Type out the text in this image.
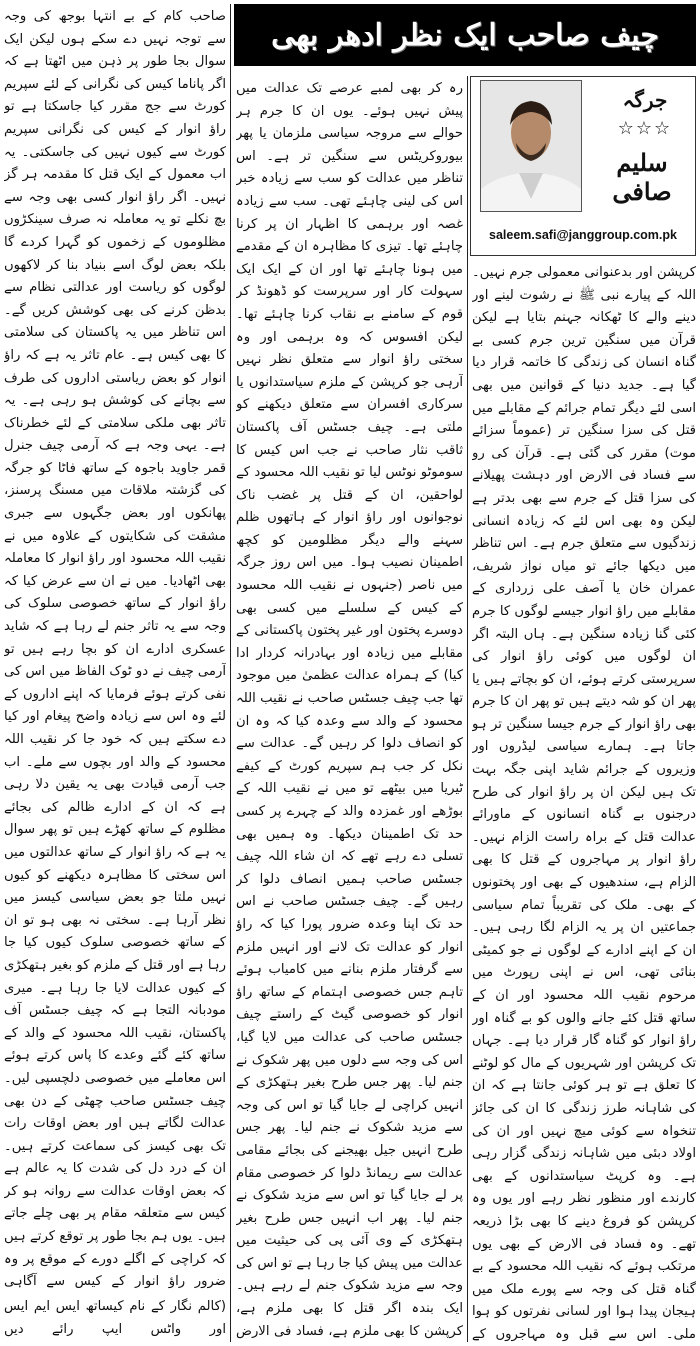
چیف صاحب ایک نظر ادھر بھی
جرگہ
☆☆☆
سلیم صافی
saleem.safi@janggroup.com.pk

کرپشن اور بدعنوانی معمولی جرم نہیں۔ اللہ کے پیارے نبی ﷺ نے رشوت لینے اور دینے والے کا ٹھکانہ جہنم بتایا ہے لیکن قرآن میں سنگین ترین جرم کسی بے گناہ انسان کی زندگی کا خاتمہ قرار دیا گیا ہے۔ جدید دنیا کے قوانین میں بھی اسی لئے دیگر تمام جرائم کے مقابلے میں قتل کی سزا سنگین تر (عموماً سزائے موت) مقرر کی گئی ہے۔ قرآن کی رو سے فساد فی الارض اور دہشت پھیلانے کی سزا قتل کے جرم سے بھی بدتر ہے لیکن وہ بھی اس لئے کہ زیادہ انسانی زندگیوں سے متعلق جرم ہے۔ اس تناظر میں دیکھا جائے تو میاں نواز شریف، عمران خان یا آصف علی زرداری کے مقابلے میں راؤ انوار جیسے لوگوں کا جرم کئی گنا زیادہ سنگین ہے۔ ہاں البتہ اگر ان لوگوں میں کوئی راؤ انوار کی سرپرستی کرتے ہوئے، ان کو بچاتے ہیں یا پھر ان کو شہ دیتے ہیں تو پھر ان کا جرم بھی راؤ انوار کے جرم جیسا سنگین تر ہو جاتا ہے۔ ہمارے سیاسی لیڈروں اور وزیروں کے جرائم شاید اپنی جگہ بہت تک ہیں لیکن ان پر راؤ انوار کی طرح درجنوں بے گناہ انسانوں کے ماورائے عدالت قتل کے براہ راست الزام نہیں۔ راؤ انوار پر مہاجروں کے قتل کا بھی الزام ہے، سندھیوں کے بھی اور پختونوں کے بھی۔ ملک کی تقریباً تمام سیاسی جماعتیں ان پر یہ الزام لگا رہی ہیں۔ ان کے اپنے ادارے کے لوگوں نے جو کمیٹی بنائی تھی، اس نے اپنی رپورٹ میں مرحوم نقیب اللہ محسود اور ان کے ساتھ قتل کئے جانے والوں کو بے گناہ اور راؤ انوار کو گناہ گار قرار دیا ہے۔ جہاں تک کرپشن اور شہریوں کے مال کو لوٹنے کا تعلق ہے تو ہر کوئی جانتا ہے کہ ان کی شاہانہ طرز زندگی کا ان کی جائز تنخواہ سے کوئی میچ نہیں اور ان کی اولاد دبئی میں شاہانہ زندگی گزار رہی ہے۔ وہ کرپٹ سیاستدانوں کے بھی کارندے اور منظور نظر رہے اور یوں وہ کرپشن کو فروغ دینے کا بھی بڑا ذریعہ تھے۔ وہ فساد فی الارض کے بھی یوں مرتکب ہوئے کہ نقیب اللہ محسود کے بے گناہ قتل کی وجہ سے پورے ملک میں ہیجان پیدا ہوا اور لسانی نفرتوں کو ہوا ملی۔ اس سے قبل وہ مہاجروں کے

رہ کر بھی لمبے عرصے تک عدالت میں پیش نہیں ہوئے۔ یوں ان کا جرم ہر حوالے سے مروجہ سیاسی ملزمان یا پھر بیوروکریٹس سے سنگین تر ہے۔ اس تناظر میں عدالت کو سب سے زیادہ خبر اس کی لینی چاہئے تھی۔ سب سے زیادہ غصہ اور برہمی کا اظہار ان پر کرنا چاہئے تھا۔ تیزی کا مظاہرہ ان کے مقدمے میں ہونا چاہئے تھا اور ان کے ایک ایک سہولت کار اور سرپرست کو ڈھونڈ کر قوم کے سامنے بے نقاب کرنا چاہئے تھا۔ لیکن افسوس کہ وہ برہمی اور وہ سختی راؤ انوار سے متعلق نظر نہیں آرہی جو کرپشن کے ملزم سیاستدانوں یا سرکاری افسران سے متعلق دیکھنے کو ملتی ہے۔ چیف جسٹس آف پاکستان ثاقب نثار صاحب نے جب اس کیس کا سوموٹو نوٹس لیا تو نقیب اللہ محسود کے لواحقین، ان کے قتل پر غضب ناک نوجوانوں اور راؤ انوار کے ہاتھوں ظلم سہنے والے دیگر مظلومین کو کچھ اطمینان نصیب ہوا۔ میں اس روز جرگہ میں ناصر (جنہوں نے نقیب اللہ محسود کے کیس کے سلسلے میں کسی بھی دوسرے پختون اور غیر پختون پاکستانی کے مقابلے میں زیادہ اور بہادرانہ کردار ادا کیا) کے ہمراہ عدالت عظمیٰ میں موجود تھا جب چیف جسٹس صاحب نے نقیب اللہ محسود کے والد سے وعدہ کیا کہ وہ ان کو انصاف دلوا کر رہیں گے۔ عدالت سے نکل کر جب ہم سپریم کورٹ کے کیفے ٹیریا میں بیٹھے تو میں نے نقیب اللہ کے بوڑھے اور غمزدہ والد کے چہرے پر کسی حد تک اطمینان دیکھا۔ وہ ہمیں بھی تسلی دے رہے تھے کہ ان شاء اللہ چیف جسٹس صاحب ہمیں انصاف دلوا کر رہیں گے۔ چیف جسٹس صاحب نے اس حد تک اپنا وعدہ ضرور پورا کیا کہ راؤ انوار کو عدالت تک لانے اور انہیں ملزم سے گرفتار ملزم بنانے میں کامیاب ہوئے تاہم جس خصوصی اہتمام کے ساتھ راؤ انوار کو خصوصی گیٹ کے راستے چیف جسٹس صاحب کی عدالت میں لایا گیا، اس کی وجہ سے دلوں میں پھر شکوک نے جنم لیا۔ پھر جس طرح بغیر ہتھکڑی کے انہیں کراچی لے جایا گیا تو اس کی وجہ سے مزید شکوک نے جنم لیا۔ پھر جس طرح انہیں جیل بھیجنے کی بجائے مقامی عدالت سے ریمانڈ دلوا کر خصوصی مقام پر لے جایا گیا تو اس سے مزید شکوک نے جنم لیا۔ پھر اب انہیں جس طرح بغیر ہتھکڑی کے وی آئی پی کی حیثیت میں عدالت میں پیش کیا جا رہا ہے تو اس کی وجہ سے مزید شکوک جنم لے رہے ہیں۔ ایک بندہ اگر قتل کا بھی ملزم ہے، کرپشن کا بھی ملزم ہے، فساد فی الارض

صاحب کام کے بے انتہا بوجھ کی وجہ سے توجہ نہیں دے سکے ہوں لیکن ایک سوال بجا طور پر ذہن میں اٹھتا ہے کہ اگر پاناما کیس کی نگرانی کے لئے سپریم کورٹ سے جج مقرر کیا جاسکتا ہے تو راؤ انوار کے کیس کی نگرانی سپریم کورٹ سے کیوں نہیں کی جاسکتی۔ یہ اب معمول کے ایک قتل کا مقدمہ ہر گز نہیں۔ اگر راؤ انوار کسی بھی وجہ سے بچ نکلے تو یہ معاملہ نہ صرف سینکڑوں مظلوموں کے زخموں کو گہرا کردے گا بلکہ بعض لوگ اسے بنیاد بنا کر لاکھوں لوگوں کو ریاست اور عدالتی نظام سے بدظن کرنے کی بھی کوشش کریں گے۔ اس تناظر میں یہ پاکستان کی سلامتی کا بھی کیس ہے۔ عام تاثر یہ ہے کہ راؤ انوار کو بعض ریاستی اداروں کی طرف سے بچانے کی کوشش ہو رہی ہے۔ یہ تاثر بھی ملکی سلامتی کے لئے خطرناک ہے۔ یہی وجہ ہے کہ آرمی چیف جنرل قمر جاوید باجوہ کے ساتھ فاٹا کو جرگہ کی گزشتہ ملاقات میں مسنگ پرسنز، پھانکوں اور بعض جگہوں سے جبری مشقت کی شکایتوں کے علاوہ میں نے نقیب اللہ محسود اور راؤ انوار کا معاملہ بھی اٹھادیا۔ میں نے ان سے عرض کیا کہ راؤ انوار کے ساتھ خصوصی سلوک کی وجہ سے یہ تاثر جنم لے رہا ہے کہ شاید عسکری ادارے ان کو بچا رہے ہیں تو آرمی چیف نے دو ٹوک الفاظ میں اس کی نفی کرتے ہوئے فرمایا کہ اپنے اداروں کے لئے وہ اس سے زیادہ واضح پیغام اور کیا دے سکتے ہیں کہ خود جا کر نقیب اللہ محسود کے والد اور بچوں سے ملے۔ اب جب آرمی قیادت بھی یہ یقین دلا رہی ہے کہ ان کے ادارے ظالم کی بجائے مظلوم کے ساتھ کھڑے ہیں تو پھر سوال یہ ہے کہ راؤ انوار کے ساتھ عدالتوں میں اس سختی کا مظاہرہ دیکھنے کو کیوں نہیں ملتا جو بعض سیاسی کیسز میں نظر آرہا ہے۔ سختی نہ بھی ہو تو ان کے ساتھ خصوصی سلوک کیوں کیا جا رہا ہے اور قتل کے ملزم کو بغیر ہتھکڑی کے کیوں عدالت لایا جا رہا ہے۔ میری مودبانہ التجا ہے کہ چیف جسٹس آف پاکستان، نقیب اللہ محسود کے والد کے ساتھ کئے گئے وعدے کا پاس کرتے ہوئے اس معاملے میں خصوصی دلچسپی لیں۔ چیف جسٹس صاحب چھٹی کے دن بھی عدالت لگاتے ہیں اور بعض اوقات رات تک بھی کیسز کی سماعت کرتے ہیں۔ ان کے درد دل کی شدت کا یہ عالم ہے کہ بعض اوقات عدالت سے روانہ ہو کر کیس سے متعلقہ مقام پر بھی چلے جاتے ہیں۔ یوں ہم بجا طور پر توقع کرتے ہیں کہ کراچی کے اگلے دورے کے موقع پر وہ ضرور راؤ انوار کے کیس سے آگاہی

(کالم نگار کے نام کیساتھ ایس ایم ایس اور واٹس ایپ رائے دیں
